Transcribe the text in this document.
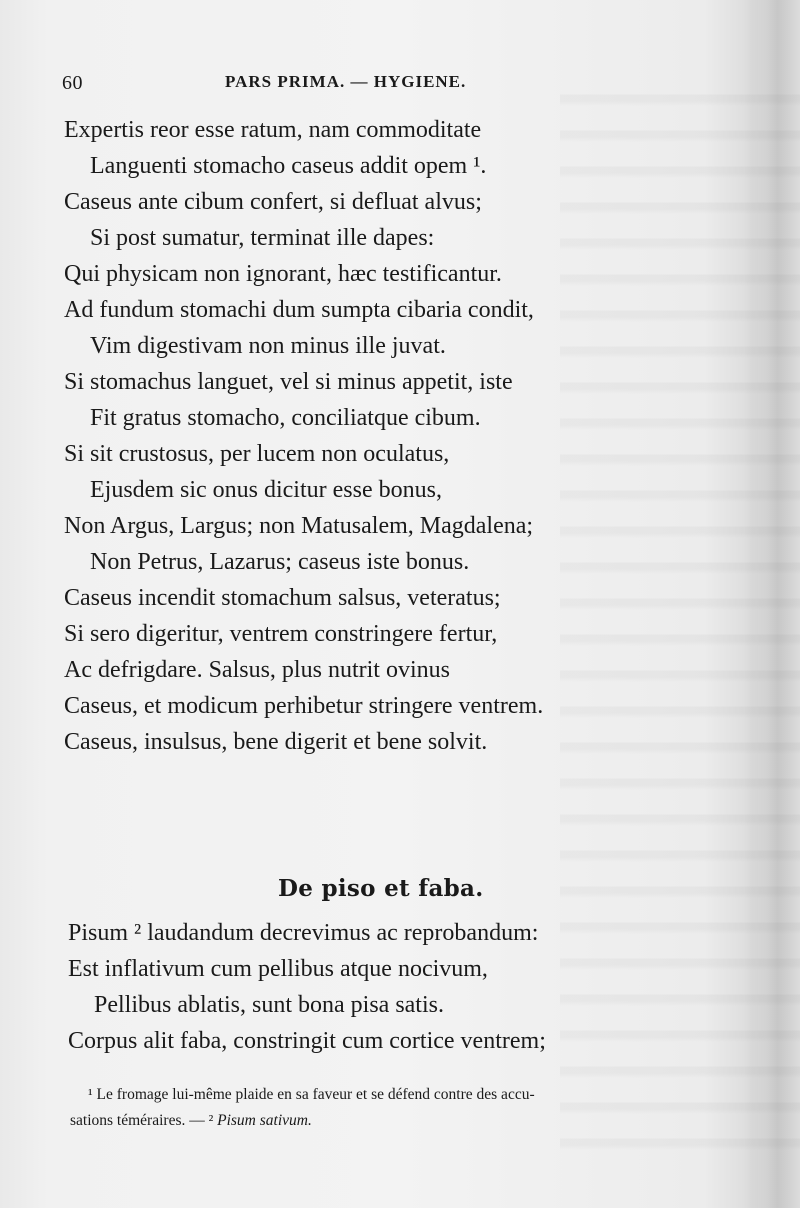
60	PARS PRIMA. — HYGIENE.
Expertis reor esse ratum, nam commoditate
Languenti stomacho caseus addit opem ¹.
Caseus ante cibum confert, si defluat alvus;
Si post sumatur, terminat ille dapes:
Qui physicam non ignorant, hæc testificantur.
Ad fundum stomachi dum sumpta cibaria condit,
Vim digestivam non minus ille juvat.
Si stomachus languet, vel si minus appetit, iste
Fit gratus stomacho, conciliatque cibum.
Si sit crustosus, per lucem non oculatus,
Ejusdem sic onus dicitur esse bonus,
Non Argus, Largus; non Matusalem, Magdalena;
Non Petrus, Lazarus; caseus iste bonus.
Caseus incendit stomachum salsus, veteratus;
Si sero digeritur, ventrem constringere fertur,
Ac defrigdare. Salsus, plus nutrit ovinus
Caseus, et modicum perhibetur stringere ventrem.
Caseus, insulsus, bene digerit et bene solvit.
De piso et faba.
Pisum ² laudandum decrevimus ac reprobandum:
Est inflativum cum pellibus atque nocivum,
Pellibus ablatis, sunt bona pisa satis.
Corpus alit faba, constringit cum cortice ventrem;
¹ Le fromage lui-même plaide en sa faveur et se défend contre des accu-
sations téméraires. — ² Pisum sativum.
